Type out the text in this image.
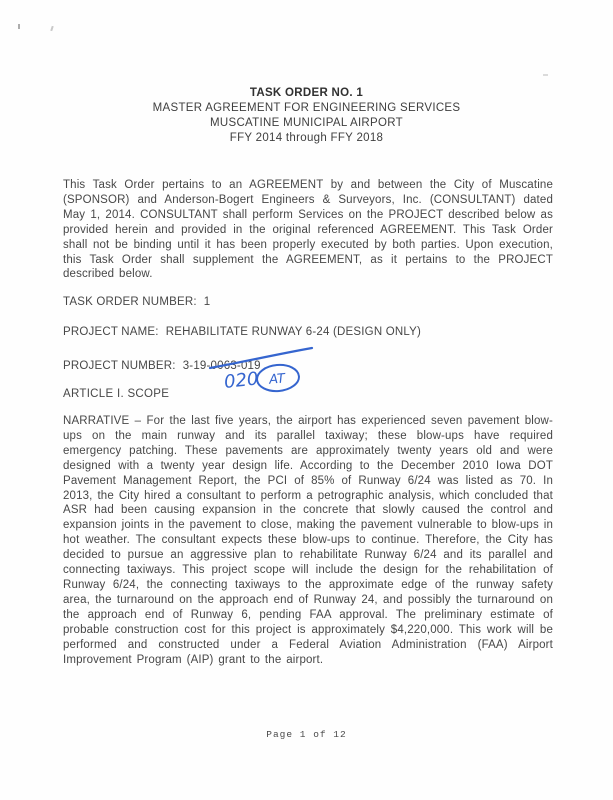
TASK ORDER NO. 1
MASTER AGREEMENT FOR ENGINEERING SERVICES
MUSCATINE MUNICIPAL AIRPORT
FFY 2014 through FFY 2018

This Task Order pertains to an AGREEMENT by and between the City of Muscatine (SPONSOR) and Anderson-Bogert Engineers & Surveyors, Inc. (CONSULTANT) dated May 1, 2014. CONSULTANT shall perform Services on the PROJECT described below as provided herein and provided in the original referenced AGREEMENT. This Task Order shall not be binding until it has been properly executed by both parties. Upon execution, this Task Order shall supplement the AGREEMENT, as it pertains to the PROJECT described below.

TASK ORDER NUMBER: 1
PROJECT NAME: REHABILITATE RUNWAY 6-24 (DESIGN ONLY)
PROJECT NUMBER: 3-19-0063-019
020 AT
ARTICLE I. SCOPE

NARRATIVE – For the last five years, the airport has experienced seven pavement blow-ups on the main runway and its parallel taxiway; these blow-ups have required emergency patching. These pavements are approximately twenty years old and were designed with a twenty year design life. According to the December 2010 Iowa DOT Pavement Management Report, the PCI of 85% of Runway 6/24 was listed as 70. In 2013, the City hired a consultant to perform a petrographic analysis, which concluded that ASR had been causing expansion in the concrete that slowly caused the control and expansion joints in the pavement to close, making the pavement vulnerable to blow-ups in hot weather. The consultant expects these blow-ups to continue. Therefore, the City has decided to pursue an aggressive plan to rehabilitate Runway 6/24 and its parallel and connecting taxiways. This project scope will include the design for the rehabilitation of Runway 6/24, the connecting taxiways to the approximate edge of the runway safety area, the turnaround on the approach end of Runway 24, and possibly the turnaround on the approach end of Runway 6, pending FAA approval. The preliminary estimate of probable construction cost for this project is approximately $4,220,000. This work will be performed and constructed under a Federal Aviation Administration (FAA) Airport Improvement Program (AIP) grant to the airport.

Page 1 of 12
